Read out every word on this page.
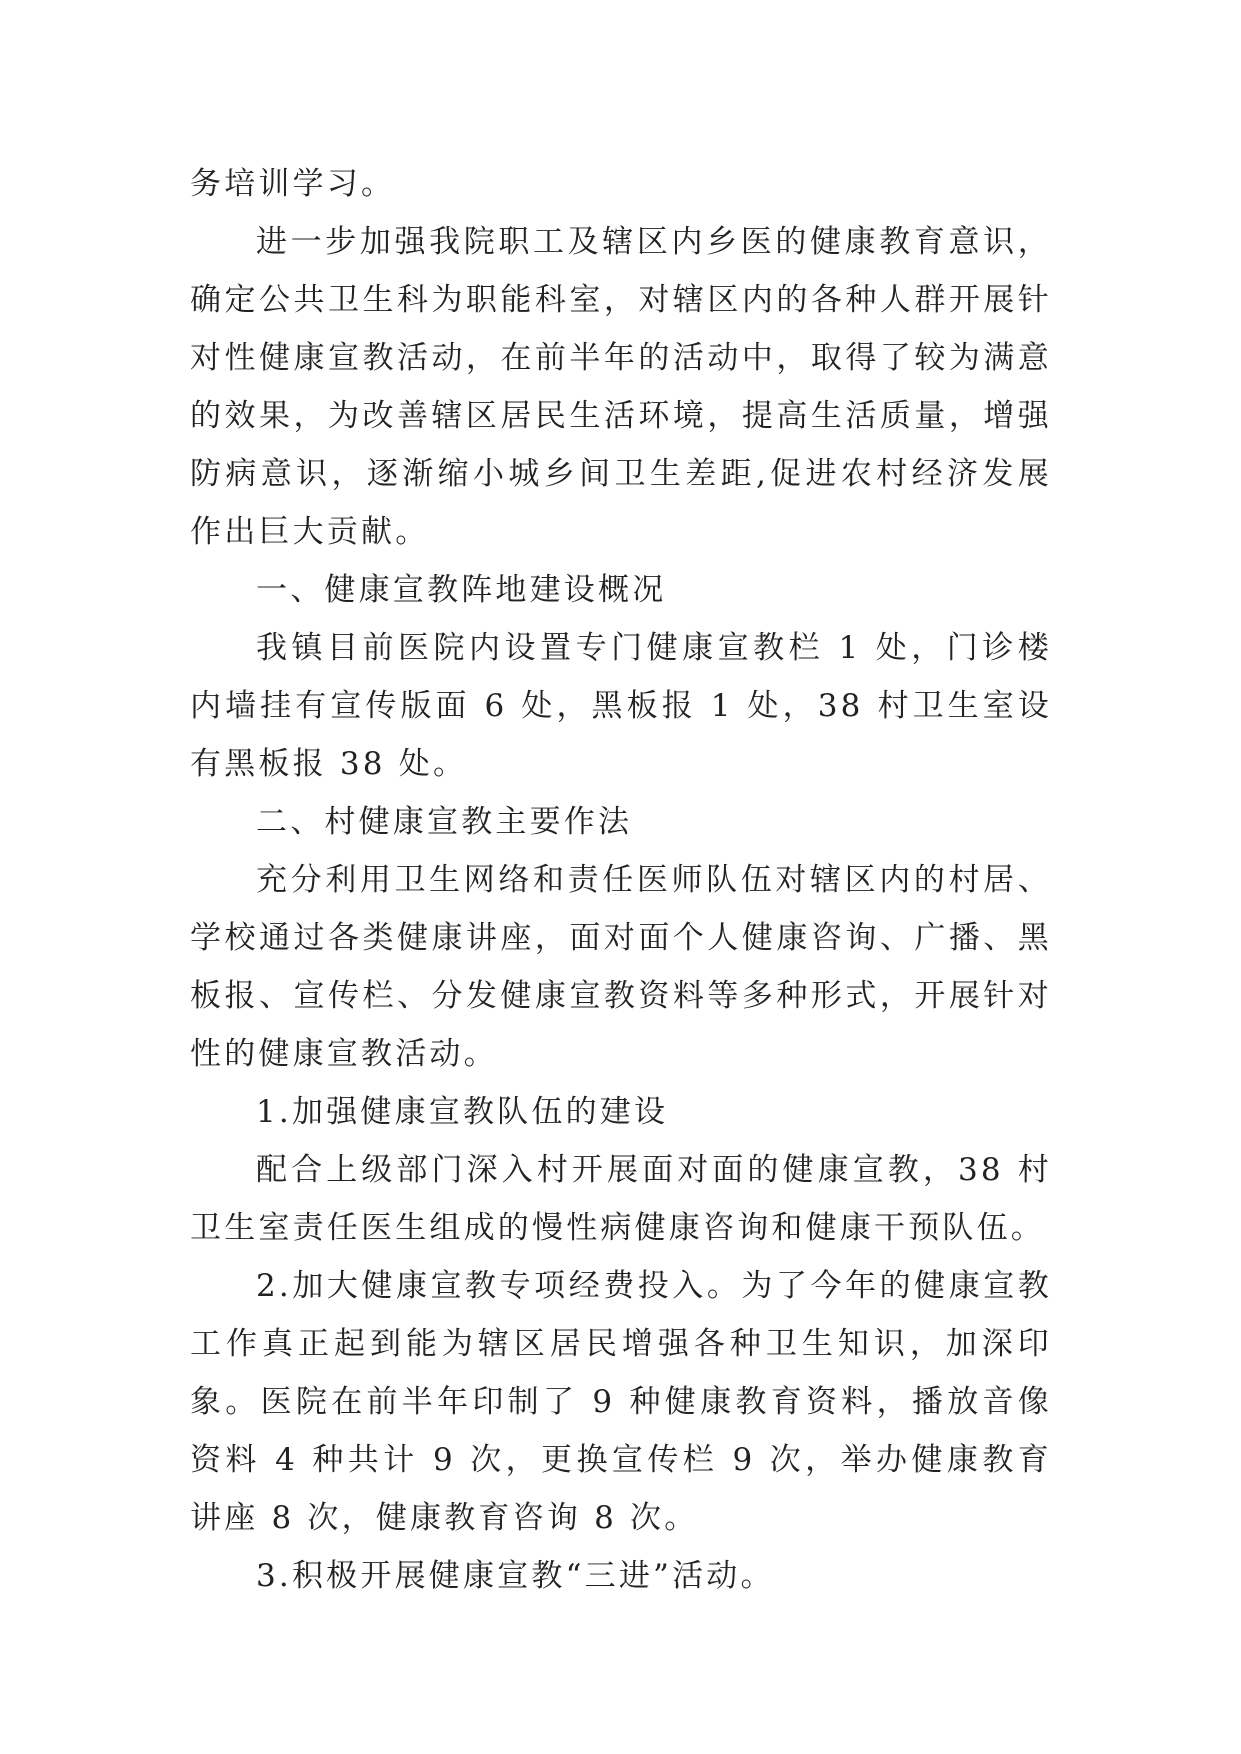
务培训学习。

进一步加强我院职工及辖区内乡医的健康教育意识，确定公共卫生科为职能科室，对辖区内的各种人群开展针对性健康宣教活动，在前半年的活动中，取得了较为满意的效果，为改善辖区居民生活环境，提高生活质量，增强防病意识，逐渐缩小城乡间卫生差距,促进农村经济发展作出巨大贡献。

一、健康宣教阵地建设概况

我镇目前医院内设置专门健康宣教栏 1 处，门诊楼内墙挂有宣传版面 6 处，黑板报 1 处，38 村卫生室设有黑板报 38 处。

二、村健康宣教主要作法

充分利用卫生网络和责任医师队伍对辖区内的村居、学校通过各类健康讲座，面对面个人健康咨询、广播、黑板报、宣传栏、分发健康宣教资料等多种形式，开展针对性的健康宣教活动。

1.加强健康宣教队伍的建设

配合上级部门深入村开展面对面的健康宣教，38 村卫生室责任医生组成的慢性病健康咨询和健康干预队伍。

2.加大健康宣教专项经费投入。为了今年的健康宣教工作真正起到能为辖区居民增强各种卫生知识，加深印象。医院在前半年印制了 9 种健康教育资料，播放音像资料 4 种共计 9 次，更换宣传栏 9 次，举办健康教育讲座 8 次，健康教育咨询 8 次。

3.积极开展健康宣教“三进”活动。
